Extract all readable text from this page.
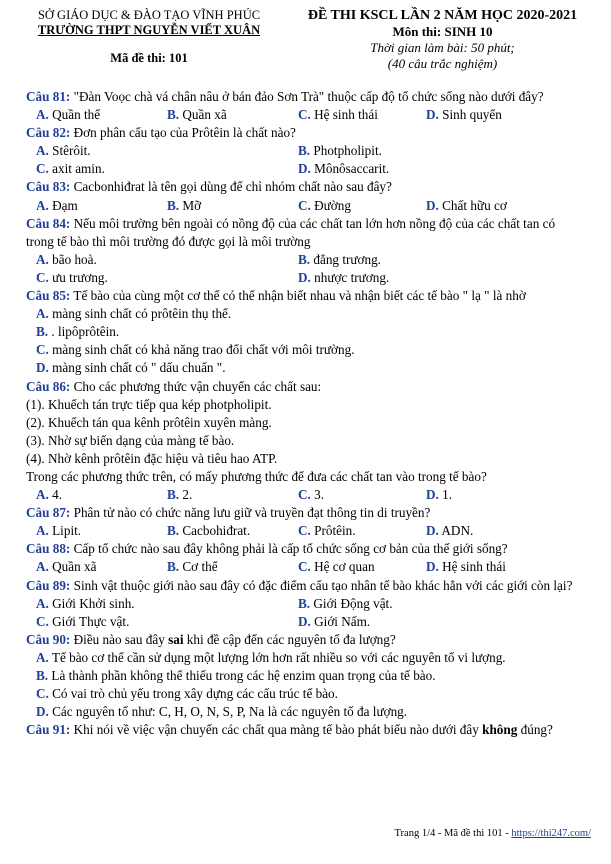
SỞ GIÁO DỤC & ĐÀO TẠO VĨNH PHÚC
TRƯỜNG THPT NGUYỄN VIẾT XUÂN
Mã đề thi: 101
ĐỀ THI KSCL LẦN 2 NĂM HỌC 2020-2021
Môn thi: SINH 10
Thời gian làm bài: 50 phút;
(40 câu trắc nghiệm)

Câu 81: "Đàn Voọc chà vá chân nâu ở bán đảo Sơn Trà" thuộc cấp độ tổ chức sống nào dưới đây?

A. Quần thể	B. Quần xã	C. Hệ sinh thái	D. Sinh quyển

Câu 82: Đơn phân cấu tạo của Prôtêin là chất nào?

A. Stêrôit.	B. Photpholipit.
C. axit amin.	D. Mônôsaccarit.

Câu 83: Cacbonhiđrat là tên gọi dùng để chỉ nhóm chất nào sau đây?

A. Đạm	B. Mỡ	C. Đường	D. Chất hữu cơ

Câu 84: Nếu môi trường bên ngoài có nồng độ của các chất tan lớn hơn nồng độ của các chất tan có trong tế bào thì môi trường đó được gọi là môi trường

A. bão hoà.	B. đẳng trương.
C. ưu trương.	D. nhược trương.

Câu 85: Tế bào của cùng một cơ thể có thể nhận biết nhau và nhận biết các tế bào " lạ " là nhờ

A. màng sinh chất có prôtêin thụ thể.
B. . lipôprôtêin.
C. màng sinh chất có khả năng trao đổi chất với môi trường.
D. màng sinh chất có " dấu chuẩn ".

Câu 86: Cho các phương thức vận chuyển các chất sau:

(1). Khuếch tán trực tiếp qua kép photpholipit.

(2). Khuếch tán qua kênh prôtêin xuyên màng.

(3). Nhờ sự biến dạng của màng tế bào.

(4). Nhờ kênh prôtêin đặc hiệu và tiêu hao ATP.

Trong các phương thức trên, có mấy phương thức để đưa các chất tan vào trong tế bào?

A. 4.	B. 2.	C. 3.	D. 1.

Câu 87: Phân tử nào có chức năng lưu giữ và truyền đạt thông tin di truyền?

A. Lipit.	B. Cacbohiđrat.	C. Prôtêin.	D. ADN.

Câu 88: Cấp tổ chức nào sau đây không phải là cấp tổ chức sống cơ bản của thế giới sống?

A. Quần xã	B. Cơ thể	C. Hệ cơ quan	D. Hệ sinh thái

Câu 89: Sinh vật thuộc giới nào sau đây có đặc điểm cấu tạo nhân tế bào khác hẳn với các giới còn lại?

A. Giới Khởi sinh.	B. Giới Động vật.
C. Giới Thực vật.	D. Giới Nấm.

Câu 90: Điều nào sau đây sai khi đề cập đến các nguyên tố đa lượng?

A. Tế bào cơ thể cần sử dụng một lượng lớn hơn rất nhiều so với các nguyên tố vi lượng.
B. Là thành phần không thể thiếu trong các hệ enzim quan trọng của tế bào.
C. Có vai trò chủ yếu trong xây dựng các cấu trúc tế bào.
D. Các nguyên tố như: C, H, O, N, S, P, Na là các nguyên tố đa lượng.

Câu 91: Khi nói về việc vận chuyển các chất qua màng tế bào phát biểu nào dưới đây không đúng?

Trang 1/4 - Mã đề thi 101 - https://thi247.com/
